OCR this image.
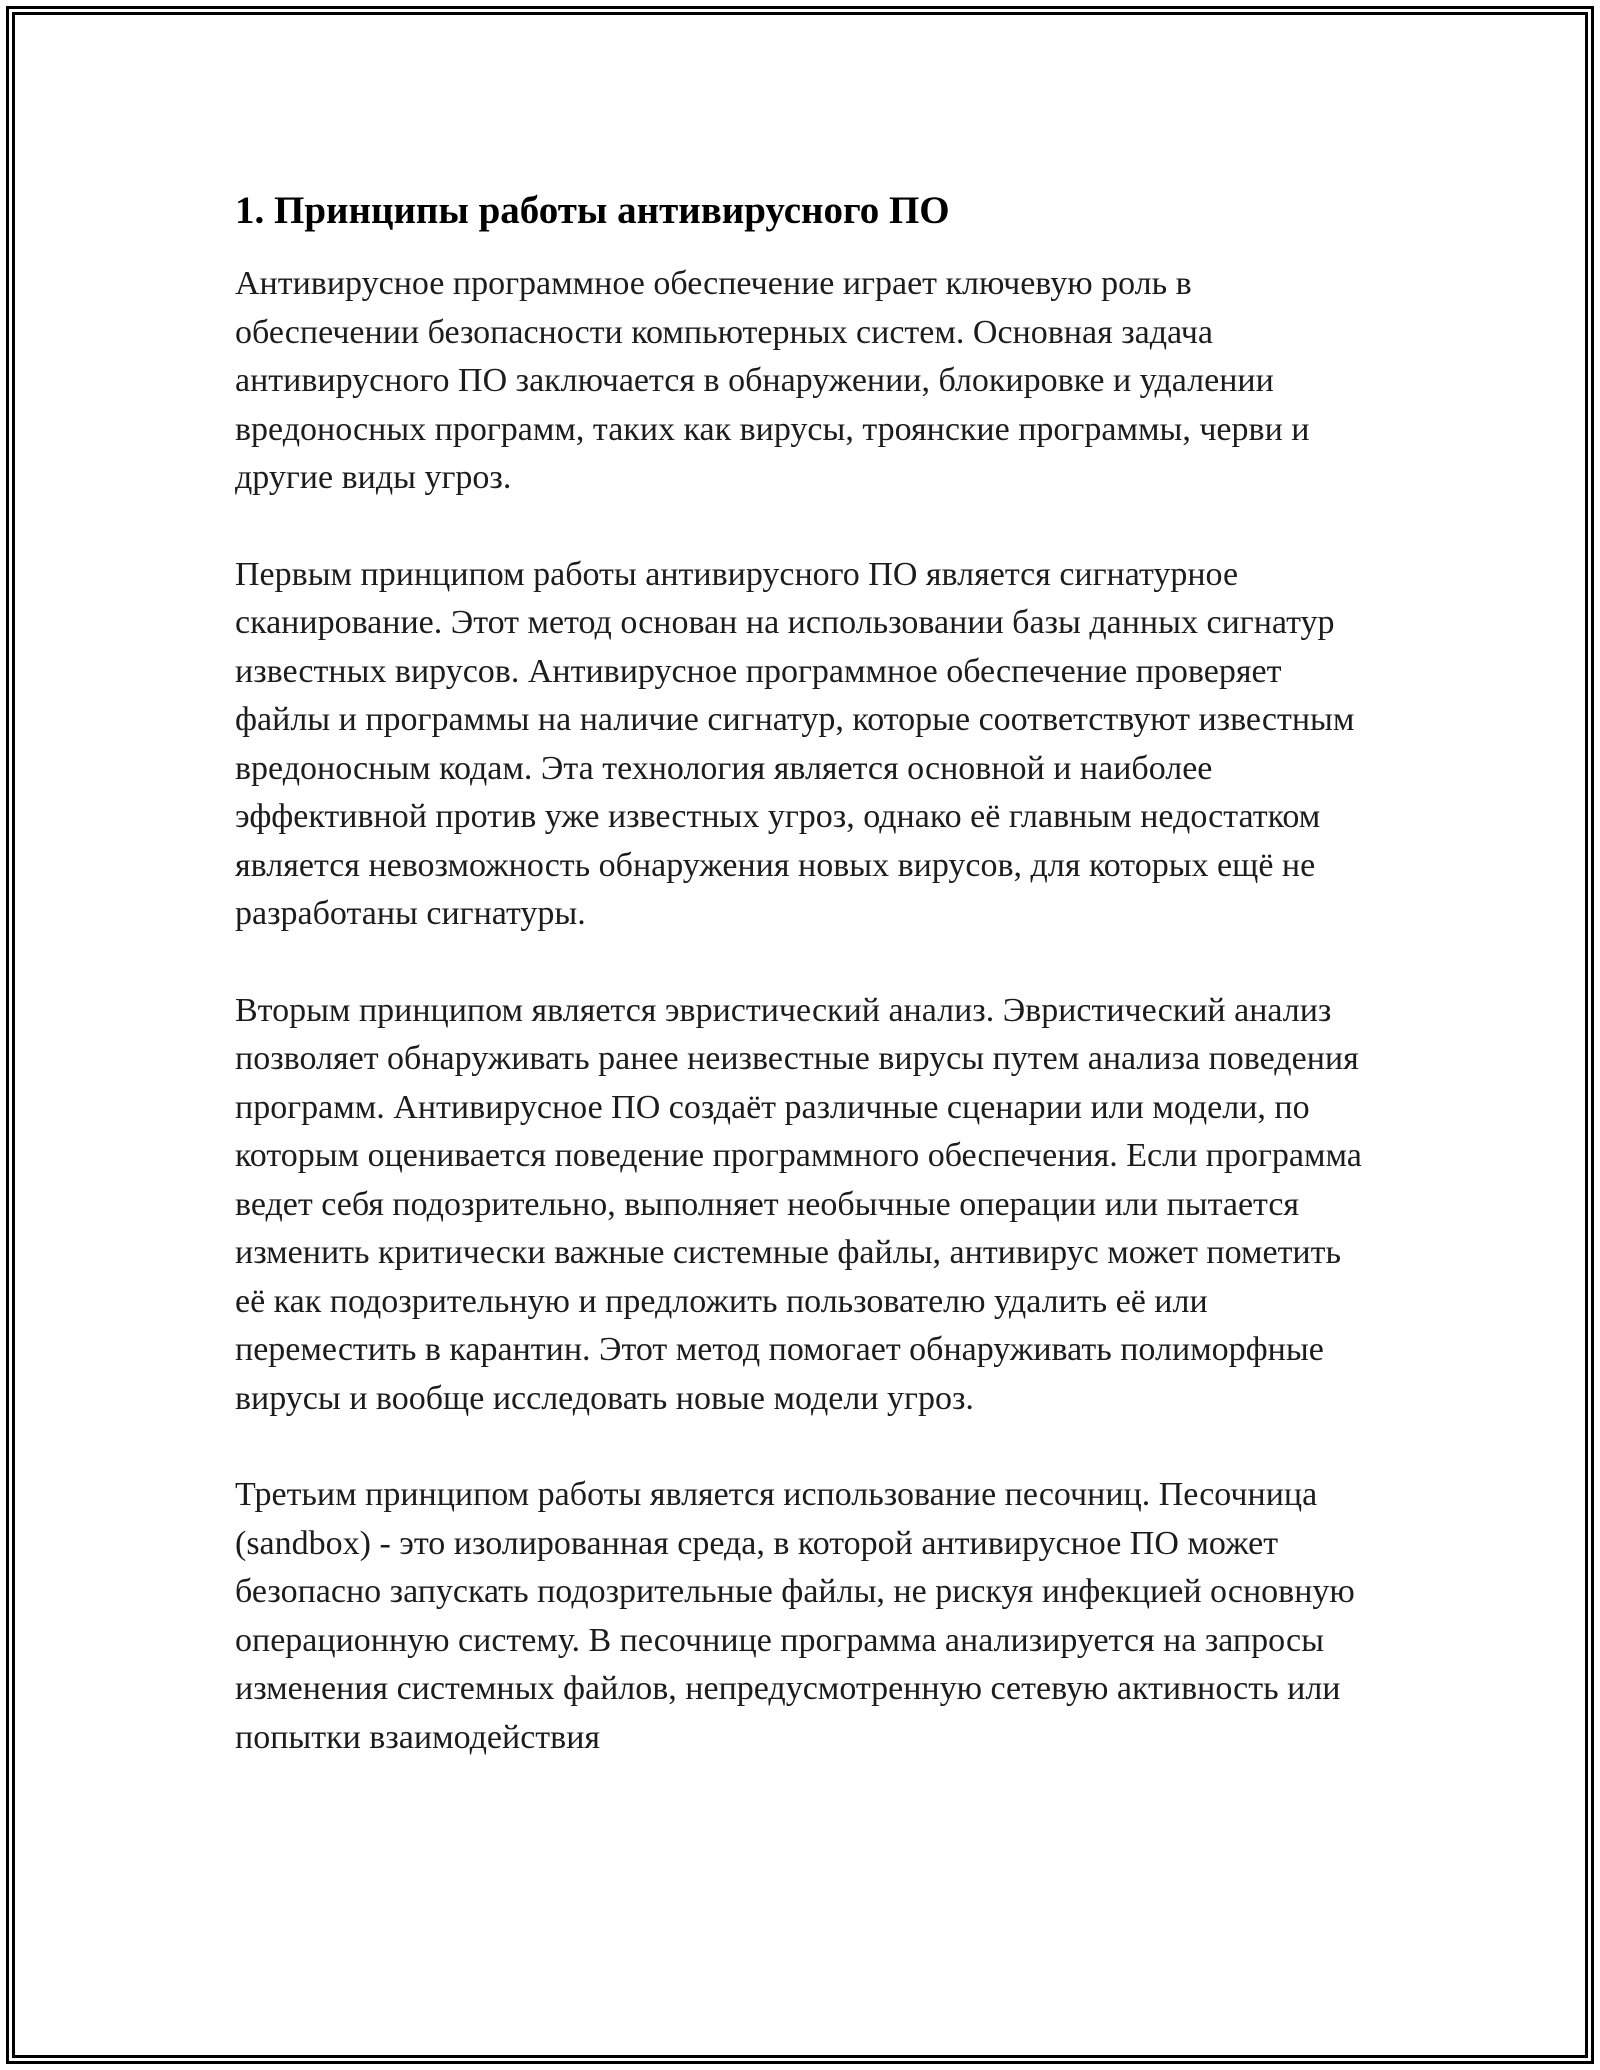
1. Принципы работы антивирусного ПО

Антивирусное программное обеспечение играет ключевую роль в обеспечении безопасности компьютерных систем. Основная задача антивирусного ПО заключается в обнаружении, блокировке и удалении вредоносных программ, таких как вирусы, троянские программы, черви и другие виды угроз.

Первым принципом работы антивирусного ПО является сигнатурное сканирование. Этот метод основан на использовании базы данных сигнатур известных вирусов. Антивирусное программное обеспечение проверяет файлы и программы на наличие сигнатур, которые соответствуют известным вредоносным кодам. Эта технология является основной и наиболее эффективной против уже известных угроз, однако её главным недостатком является невозможность обнаружения новых вирусов, для которых ещё не разработаны сигнатуры.

Вторым принципом является эвристический анализ. Эвристический анализ позволяет обнаруживать ранее неизвестные вирусы путем анализа поведения программ. Антивирусное ПО создаёт различные сценарии или модели, по которым оценивается поведение программного обеспечения. Если программа ведет себя подозрительно, выполняет необычные операции или пытается изменить критически важные системные файлы, антивирус может пометить её как подозрительную и предложить пользователю удалить её или переместить в карантин. Этот метод помогает обнаруживать полиморфные вирусы и вообще исследовать новые модели угроз.

Третьим принципом работы является использование песочниц. Песочница (sandbox) - это изолированная среда, в которой антивирусное ПО может безопасно запускать подозрительные файлы, не рискуя инфекцией основную операционную систему. В песочнице программа анализируется на запросы изменения системных файлов, непредусмотренную сетевую активность или попытки взаимодействия
